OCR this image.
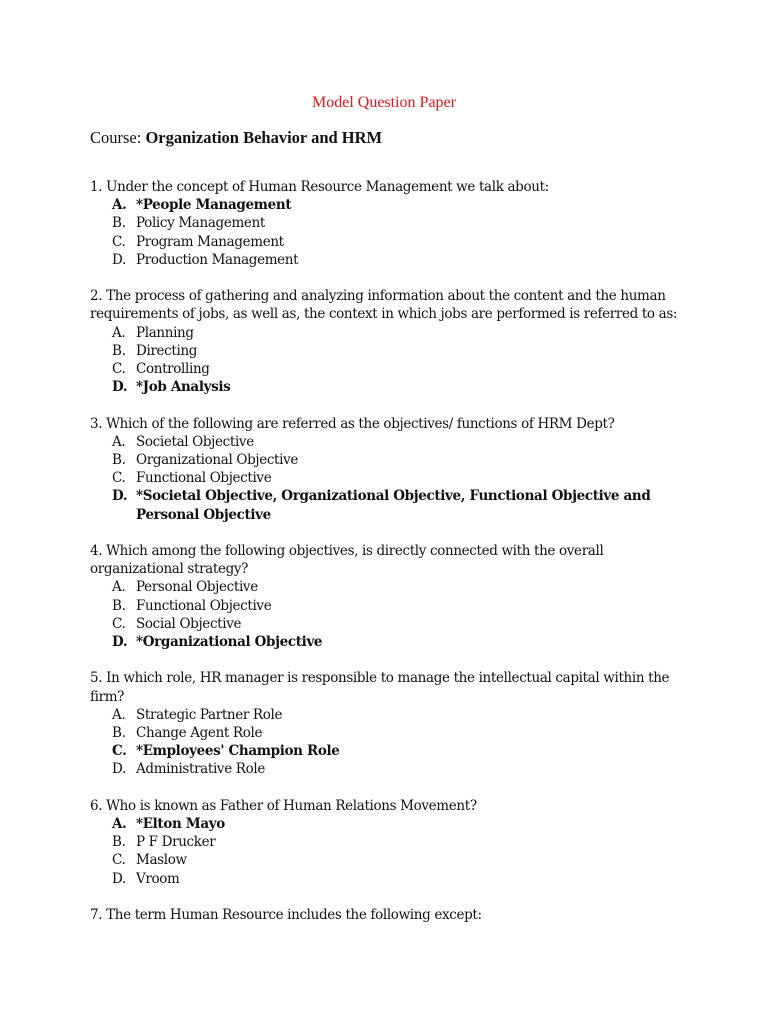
Model Question Paper
Course: Organization Behavior and HRM

1. Under the concept of Human Resource Management we talk about:

A. *People Management
B. Policy Management
C. Program Management
D. Production Management

2. The process of gathering and analyzing information about the content and the human requirements of jobs, as well as, the context in which jobs are performed is referred to as:

A. Planning
B. Directing
C. Controlling
D. *Job Analysis

3. Which of the following are referred as the objectives/ functions of HRM Dept?

A. Societal Objective
B. Organizational Objective
C. Functional Objective
D. *Societal Objective, Organizational Objective, Functional Objective and Personal Objective

4. Which among the following objectives, is directly connected with the overall organizational strategy?

A. Personal Objective
B. Functional Objective
C. Social Objective
D. *Organizational Objective

5. In which role, HR manager is responsible to manage the intellectual capital within the firm?

A. Strategic Partner Role
B. Change Agent Role
C. *Employees' Champion Role
D. Administrative Role

6. Who is known as Father of Human Relations Movement?

A. *Elton Mayo
B. P F Drucker
C. Maslow
D. Vroom

7. The term Human Resource includes the following except:
